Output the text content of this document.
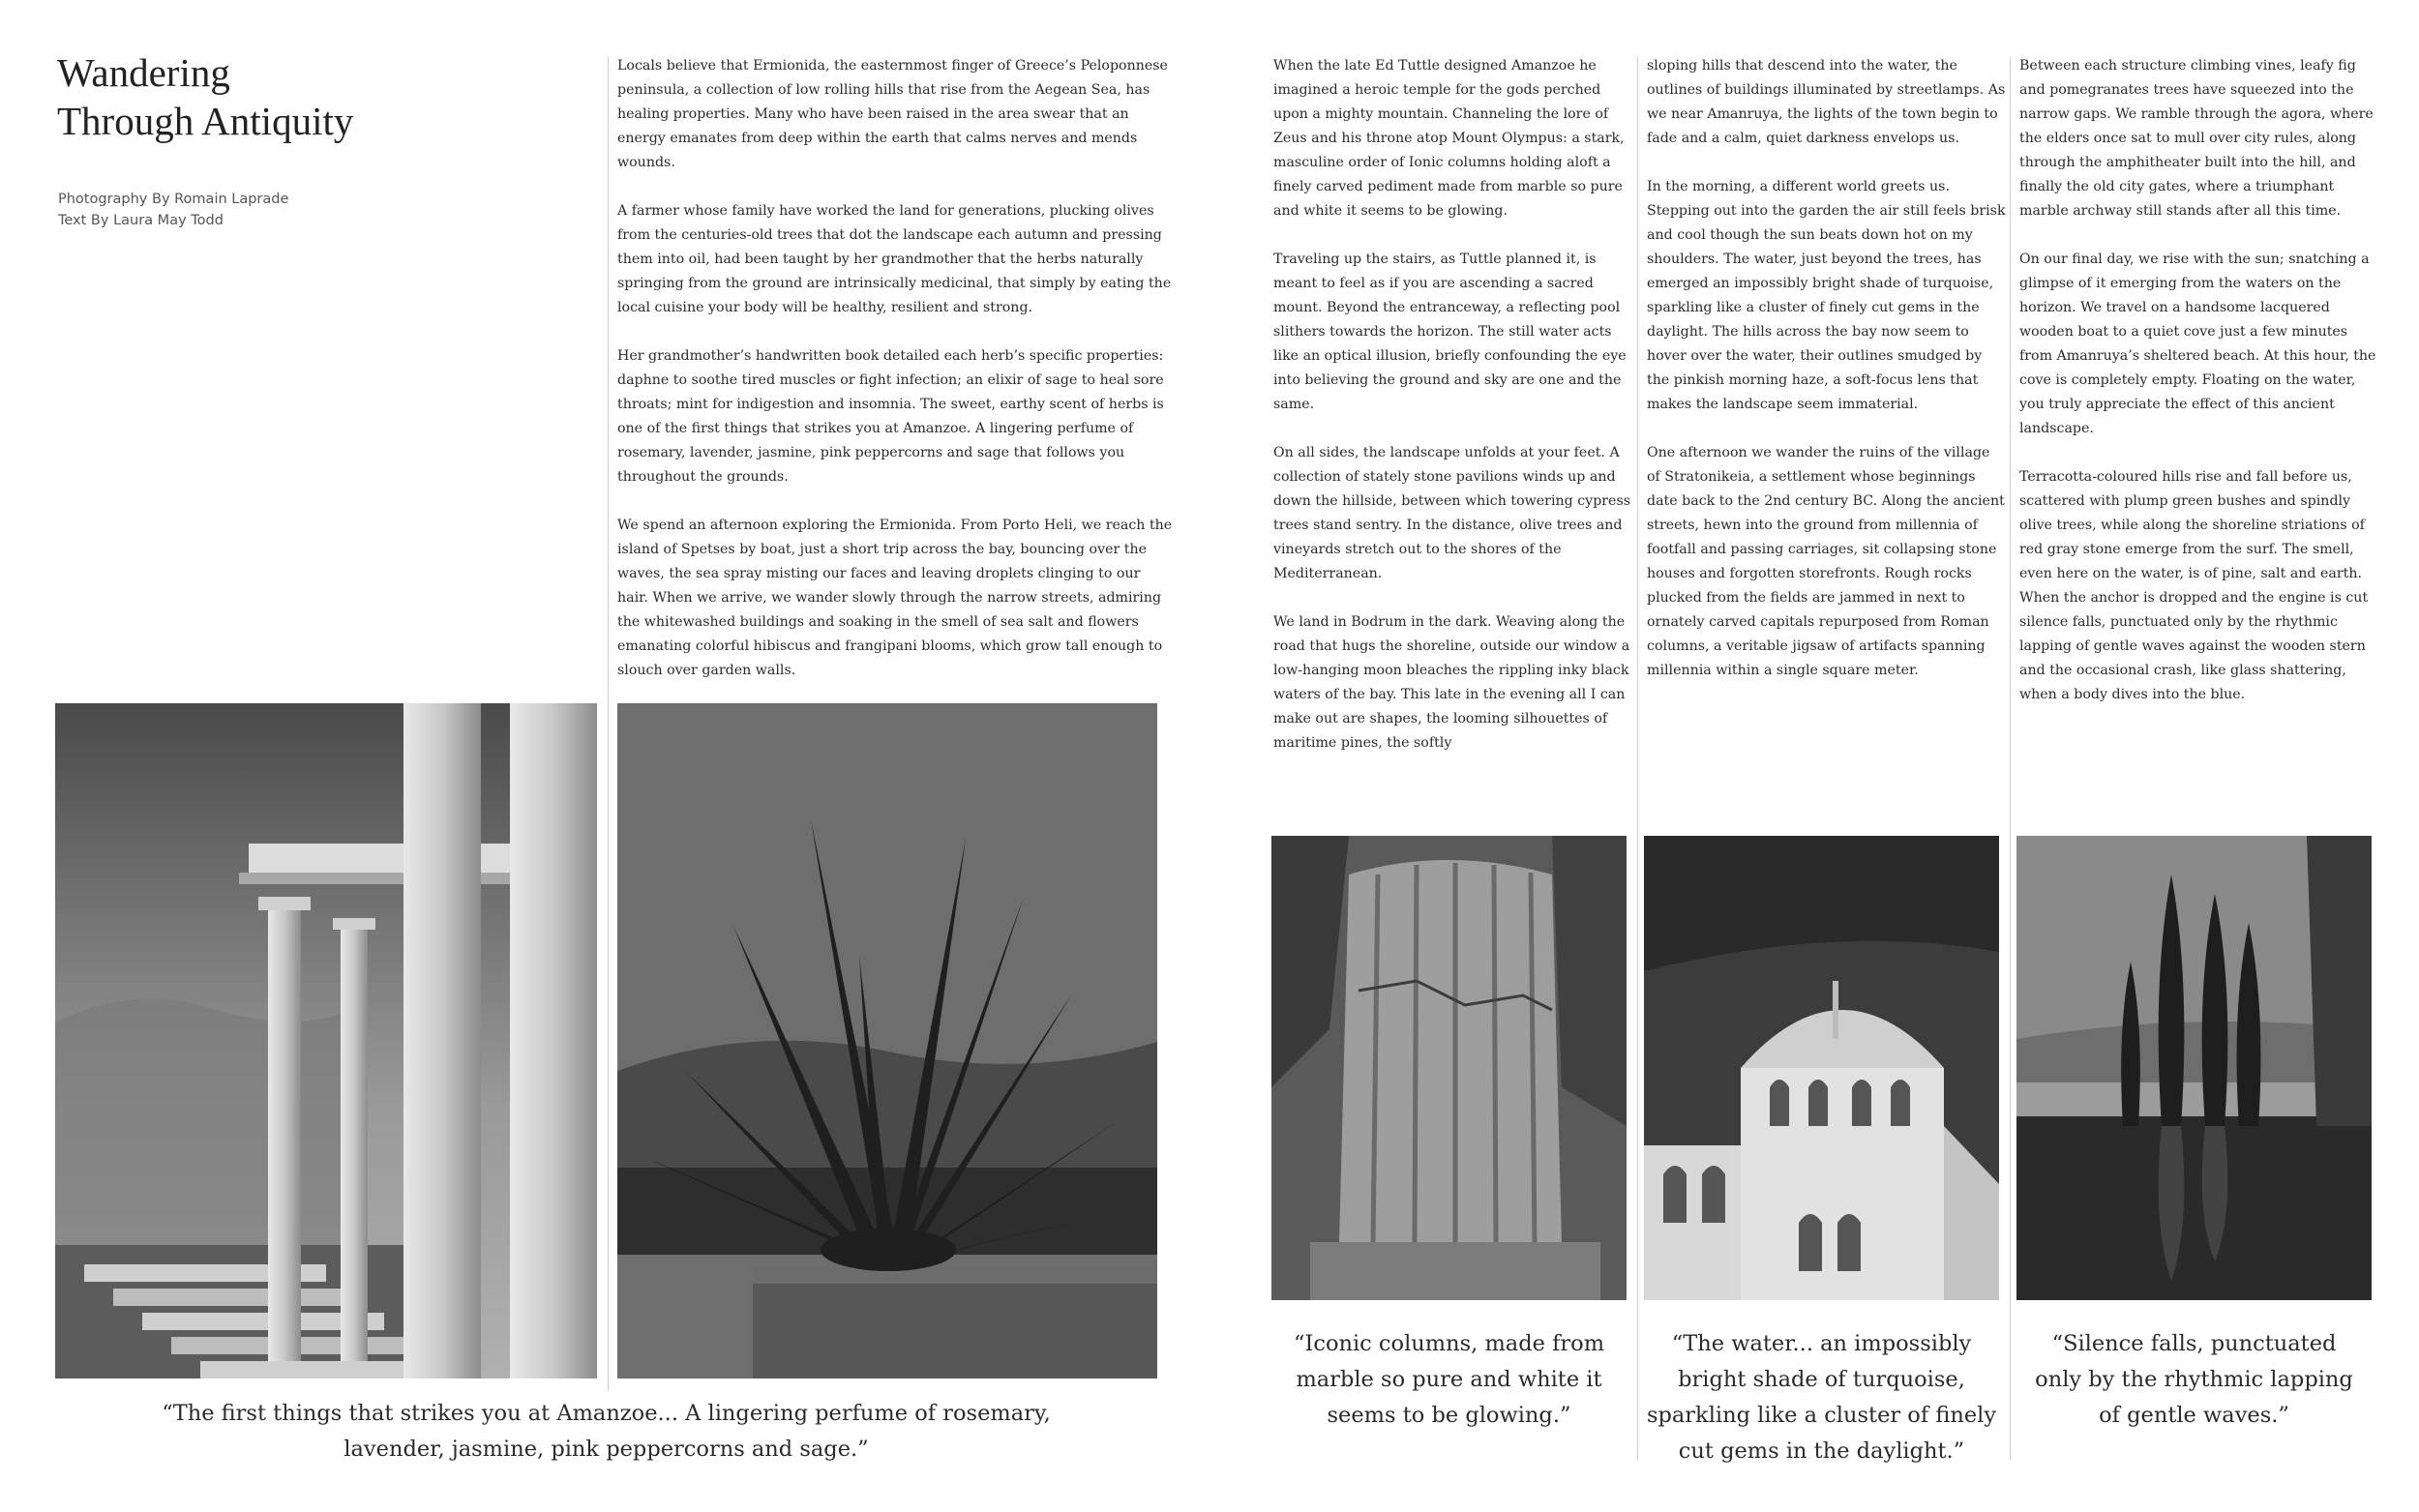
Wandering
Through Antiquity
Photography By Romain Laprade
Text By Laura May Todd

Locals believe that Ermionida, the easternmost finger of Greece’s Peloponnese peninsula, a collection of low rolling hills that rise from the Aegean Sea, has healing properties. Many who have been raised in the area swear that an energy emanates from deep within the earth that calms nerves and mends wounds.

A farmer whose family have worked the land for generations, plucking olives from the centuries-old trees that dot the landscape each autumn and pressing them into oil, had been taught by her grandmother that the herbs naturally springing from the ground are intrinsically medicinal, that simply by eating the local cuisine your body will be healthy, resilient and strong.

Her grandmother’s handwritten book detailed each herb’s specific properties: daphne to soothe tired muscles or fight infection; an elixir of sage to heal sore throats; mint for indigestion and insomnia. The sweet, earthy scent of herbs is one of the first things that strikes you at Amanzoe. A lingering perfume of rosemary, lavender, jasmine, pink peppercorns and sage that follows you throughout the grounds.

We spend an afternoon exploring the Ermionida. From Porto Heli, we reach the island of Spetses by boat, just a short trip across the bay, bouncing over the waves, the sea spray misting our faces and leaving droplets clinging to our hair. When we arrive, we wander slowly through the narrow streets, admiring the whitewashed buildings and soaking in the smell of sea salt and flowers emanating colorful hibiscus and frangipani blooms, which grow tall enough to slouch over garden walls.

When the late Ed Tuttle designed Amanzoe he imagined a heroic temple for the gods perched upon a mighty mountain. Channeling the lore of Zeus and his throne atop Mount Olympus: a stark, masculine order of Ionic columns holding aloft a finely carved pediment made from marble so pure and white it seems to be glowing.

Traveling up the stairs, as Tuttle planned it, is meant to feel as if you are ascending a sacred mount. Beyond the entranceway, a reflecting pool slithers towards the horizon. The still water acts like an optical illusion, briefly confounding the eye into believing the ground and sky are one and the same.

On all sides, the landscape unfolds at your feet. A collection of stately stone pavilions winds up and down the hillside, between which towering cypress trees stand sentry. In the distance, olive trees and vineyards stretch out to the shores of the Mediterranean.

We land in Bodrum in the dark. Weaving along the road that hugs the shoreline, outside our window a low-hanging moon bleaches the rippling inky black waters of the bay. This late in the evening all I can make out are shapes, the looming silhouettes of maritime pines, the softly

sloping hills that descend into the water, the outlines of buildings illuminated by streetlamps. As we near Amanruya, the lights of the town begin to fade and a calm, quiet darkness envelops us.

In the morning, a different world greets us. Stepping out into the garden the air still feels brisk and cool though the sun beats down hot on my shoulders. The water, just beyond the trees, has emerged an impossibly bright shade of turquoise, sparkling like a cluster of finely cut gems in the daylight. The hills across the bay now seem to hover over the water, their outlines smudged by the pinkish morning haze, a soft-focus lens that makes the landscape seem immaterial.

One afternoon we wander the ruins of the village of Stratonikeia, a settlement whose beginnings date back to the 2nd century BC. Along the ancient streets, hewn into the ground from millennia of footfall and passing carriages, sit collapsing stone houses and forgotten storefronts. Rough rocks plucked from the fields are jammed in next to ornately carved capitals repurposed from Roman columns, a veritable jigsaw of artifacts spanning millennia within a single square meter.

Between each structure climbing vines, leafy fig and pomegranates trees have squeezed into the narrow gaps. We ramble through the agora, where the elders once sat to mull over city rules, along through the amphitheater built into the hill, and finally the old city gates, where a triumphant marble archway still stands after all this time.

On our final day, we rise with the sun; snatching a glimpse of it emerging from the waters on the horizon. We travel on a handsome lacquered wooden boat to a quiet cove just a few minutes from Amanruya’s sheltered beach. At this hour, the cove is completely empty. Floating on the water, you truly appreciate the effect of this ancient landscape.

Terracotta-coloured hills rise and fall before us, scattered with plump green bushes and spindly olive trees, while along the shoreline striations of red gray stone emerge from the surf. The smell, even here on the water, is of pine, salt and earth. When the anchor is dropped and the engine is cut silence falls, punctuated only by the rhythmic lapping of gentle waves against the wooden stern and the occasional crash, like glass shattering, when a body dives into the blue.

“The first things that strikes you at Amanzoe... A lingering perfume of rosemary,
lavender, jasmine, pink peppercorns and sage.”
“Iconic columns, made from
marble so pure and white it
seems to be glowing.”
“The water... an impossibly
bright shade of turquoise,
sparkling like a cluster of finely
cut gems in the daylight.”
“Silence falls, punctuated
only by the rhythmic lapping
of gentle waves.”
